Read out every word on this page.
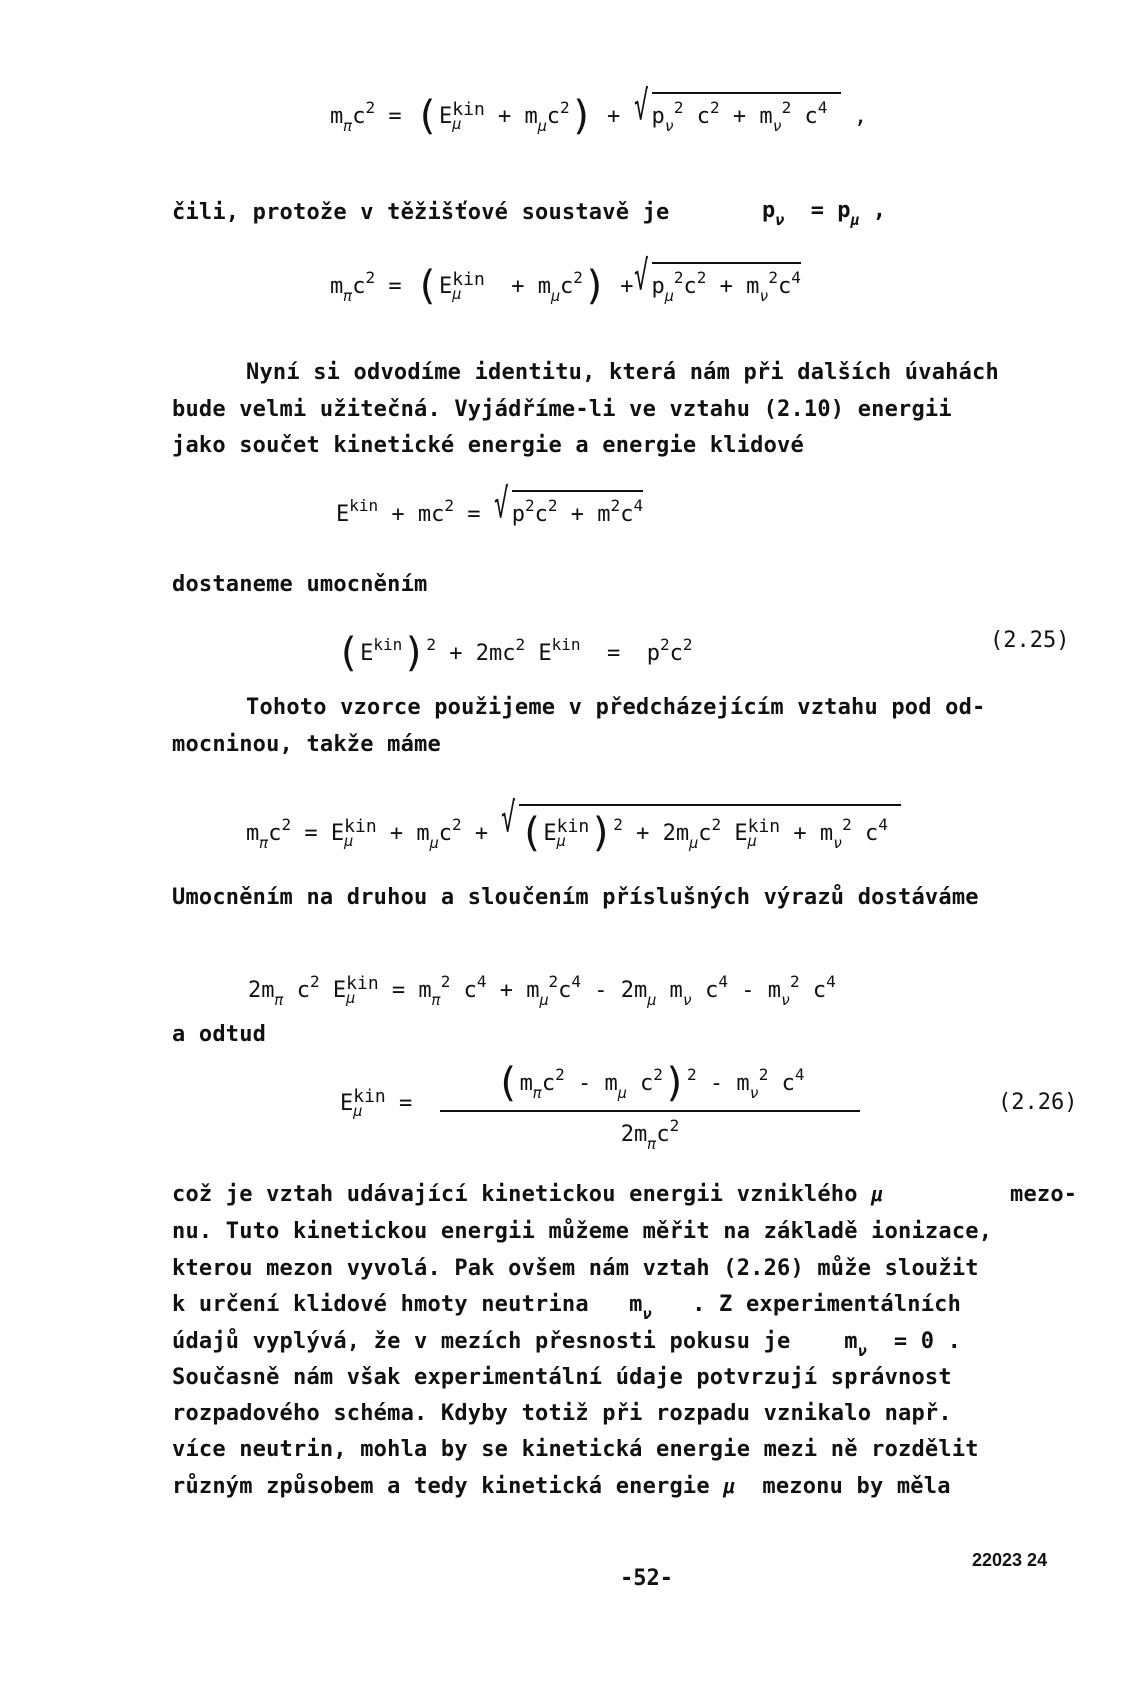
$m_\pi c^2 = (E$ kin
μ	+ $m_\mu c^2$) + √ $p_\nu^2$ $c^2 + m_\nu^2$ $c^4$  ,
čili, protože v těžišťové soustavě je	$p_\nu = p_\mu$ ,
$m_\pi c^2 = (E$ kin
μ	+ $m_\mu c^2$) + √ $p_\mu^2c^2 + m_\nu^2c^4$
Nyní si odvodíme identitu, která nám při dalších úvahách
bude velmi užitečná. Vyjádříme-li ve vztahu (2.10) energii
jako součet kinetické energie a energie klidové
$E^{kin} + mc^2$ = √ $p^2c^2 + m^2c^4$
dostaneme umocněním
$(E^{kin})^2 + 2mc^2$ $E^{kin} = p^2c^2$	(2.25)
Tohoto vzorce použijeme v předcházejícím vztahu pod od-
mocninou, takže máme
$m_\pi c^2 = E$ kin
μ	+ $m_\mu c^2$ + √ (E kin
μ )$^2 + 2m_\mu c^2$ E kin
μ	+ $m_\nu^2$ $c^4$
Umocněním na druhou a sloučením příslušných výrazů dostáváme
$2m_\pi$ $c^2$ E kin
μ	= $m_\pi^2$ $c^4 + m_\mu^2c^4 - 2m_\mu$ $m_\nu$ $c^4 - m_\nu^2$ $c^4$
a odtud
E kin
μ	=	($m_\pi c^2 - m_\mu$ $c^2)^2 - m_\nu^2$ $c^4$
$2m_\pi c^2$
(2.26)
což je vztah udávající kinetickou energii vzniklého μ	mezo-
nu. Tuto kinetickou energii můžeme měřit na základě ionizace,
kterou mezon vyvolá. Pak ovšem nám vztah (2.26) může sloužit
k určení klidové hmoty neutrina   $m_\nu$ . Z experimentálních
údajů vyplývá, že v mezích přesnosti pokusu je    $m_\nu = 0$ .
Současně nám však experimentální údaje potvrzují správnost
rozpadového schéma. Kdyby totiž při rozpadu vznikalo např.
více neutrin, mohla by se kinetická energie mezi ně rozdělit
různým způsobem a tedy kinetická energie μ mezonu by měla
-52-
22023 24
